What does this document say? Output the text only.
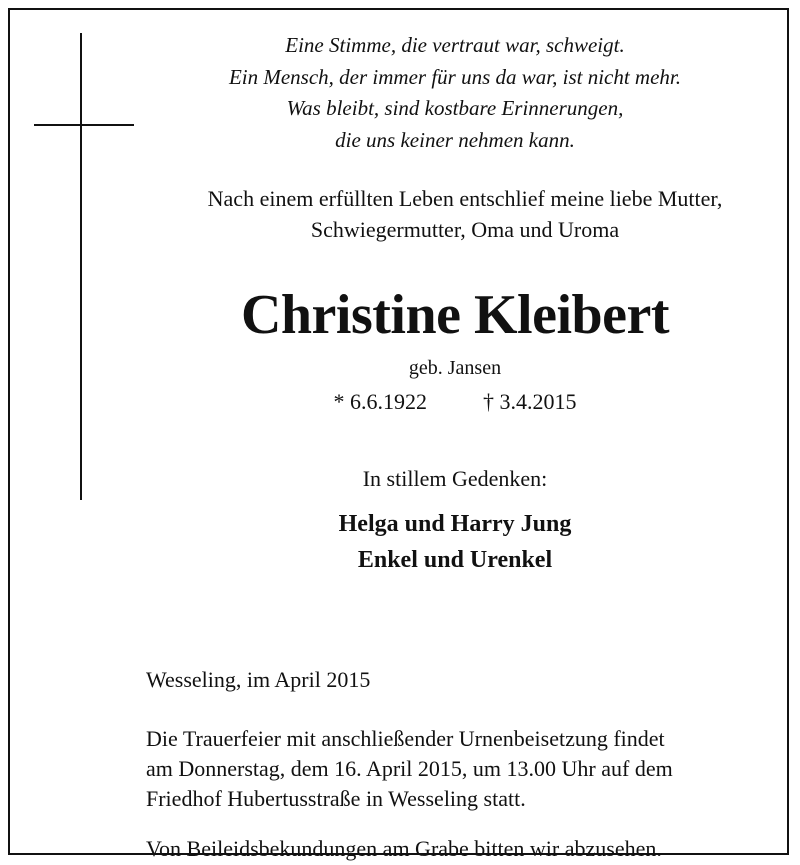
Eine Stimme, die vertraut war, schweigt.
Ein Mensch, der immer für uns da war, ist nicht mehr.
Was bleibt, sind kostbare Erinnerungen,
die uns keiner nehmen kann.

Nach einem erfüllten Leben entschlief meine liebe Mutter,
Schwiegermutter, Oma und Uroma

Christine Kleibert

geb. Jansen

* 6.6.1922	† 3.4.2015

In stillem Gedenken:

Helga und Harry Jung
Enkel und Urenkel

Wesseling, im April 2015

Die Trauerfeier mit anschließender Urnenbeisetzung findet
am Donnerstag, dem 16. April 2015, um 13.00 Uhr auf dem
Friedhof Hubertusstraße in Wesseling statt.

Von Beileidsbekundungen am Grabe bitten wir abzusehen.
